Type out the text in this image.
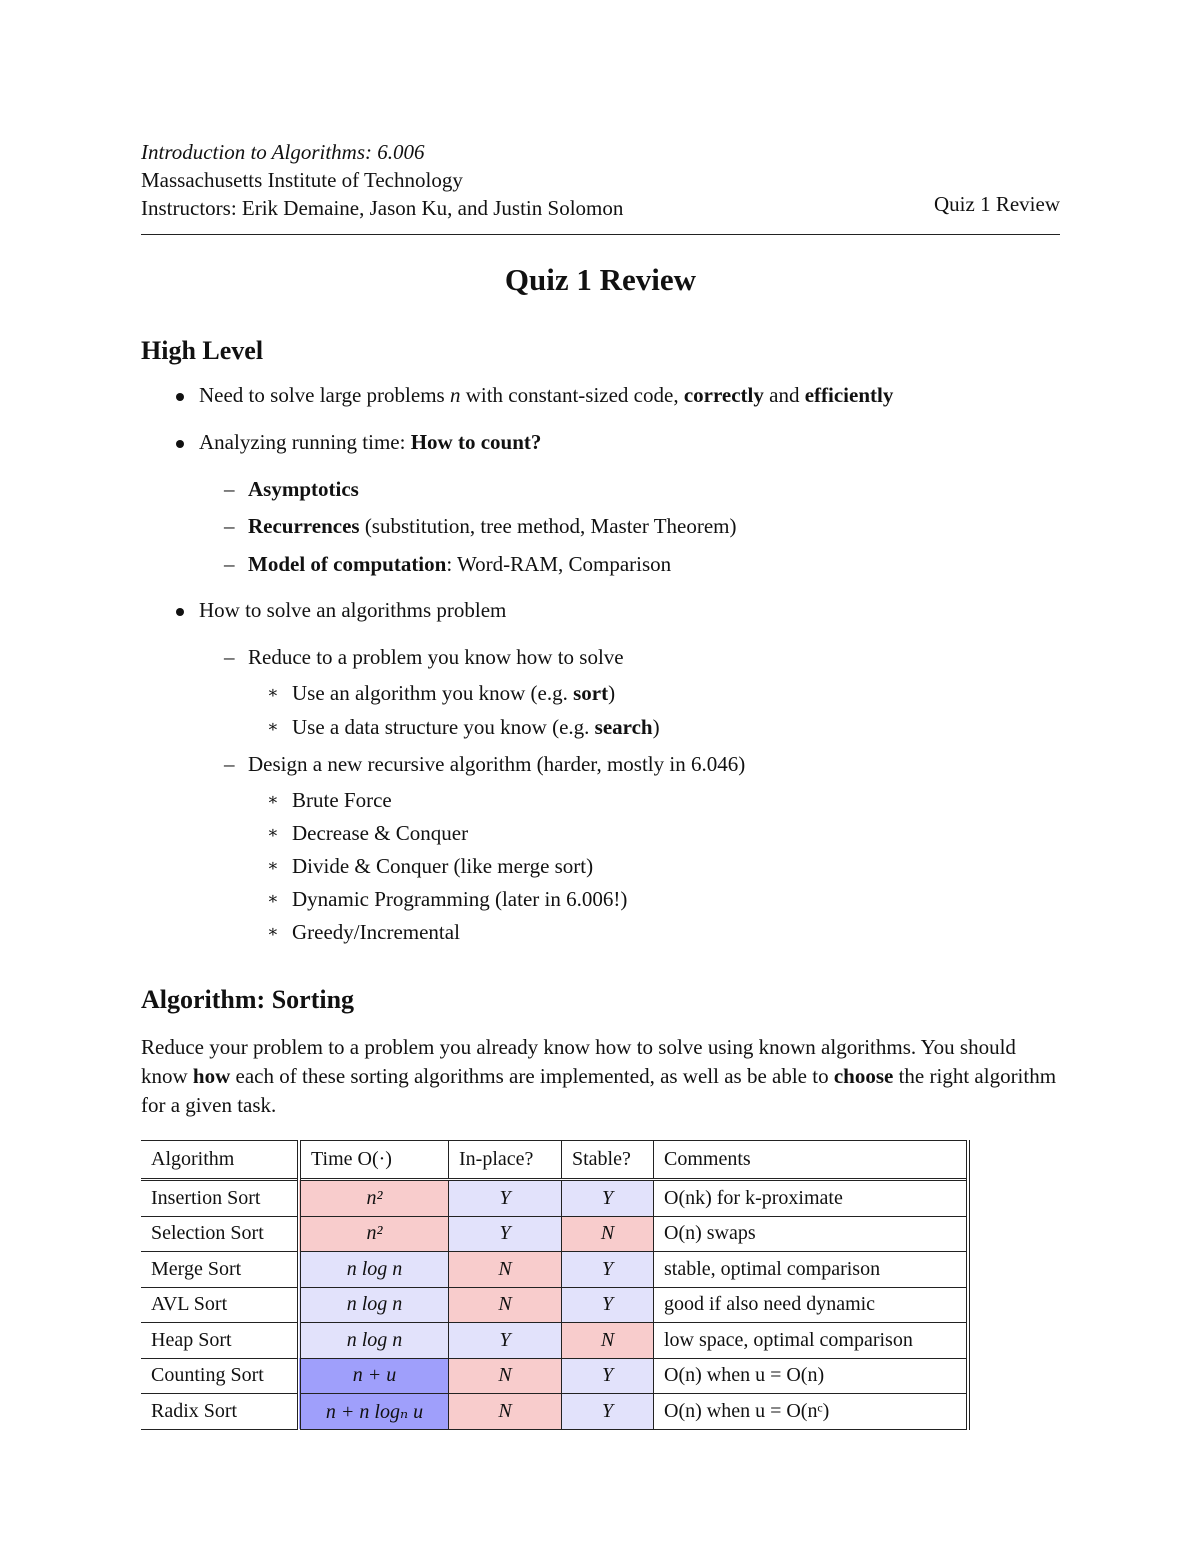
Introduction to Algorithms: 6.006
Massachusetts Institute of Technology
Instructors: Erik Demaine, Jason Ku, and Justin Solomon	Quiz 1 Review
Quiz 1 Review
High Level
Need to solve large problems n with constant-sized code, correctly and efficiently
Analyzing running time: How to count?
– Asymptotics
– Recurrences (substitution, tree method, Master Theorem)
– Model of computation: Word-RAM, Comparison
How to solve an algorithms problem
– Reduce to a problem you know how to solve
∗ Use an algorithm you know (e.g. sort)
∗ Use a data structure you know (e.g. search)
– Design a new recursive algorithm (harder, mostly in 6.046)
∗ Brute Force
∗ Decrease & Conquer
∗ Divide & Conquer (like merge sort)
∗ Dynamic Programming (later in 6.006!)
∗ Greedy/Incremental
Algorithm: Sorting
Reduce your problem to a problem you already know how to solve using known algorithms. You should know how each of these sorting algorithms are implemented, as well as be able to choose the right algorithm for a given task.
Algorithm	Time O(·)	In-place?	Stable?	Comments
Insertion Sort	n²	Y	Y	O(nk) for k-proximate
Selection Sort	n²	Y	N	O(n) swaps
Merge Sort	n log n	N	Y	stable, optimal comparison
AVL Sort	n log n	N	Y	good if also need dynamic
Heap Sort	n log n	Y	N	low space, optimal comparison
Counting Sort	n + u	N	Y	O(n) when u = O(n)
Radix Sort	n + n logₙ u	N	Y	O(n) when u = O(nᶜ)
